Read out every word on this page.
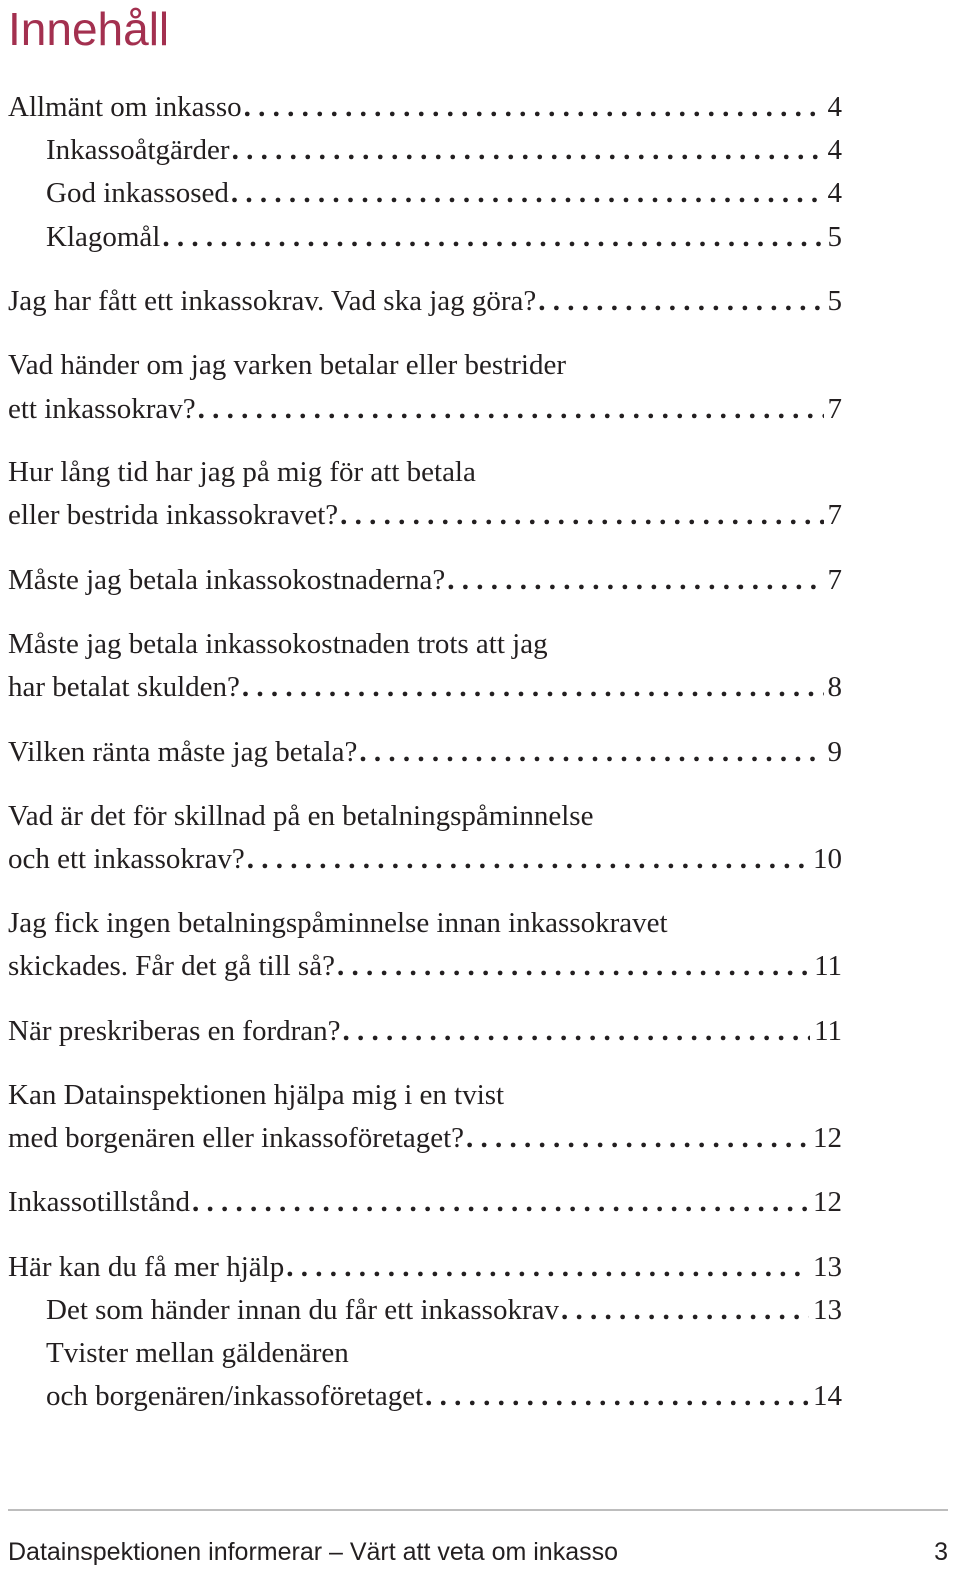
Innehåll
Allmänt om inkasso . . .	4
Inkassoåtgärder . . .	4
God inkassosed . . .	4
Klagomål . . .	5
Jag har fått ett inkassokrav. Vad ska jag göra? . . .	5
Vad händer om jag varken betalar eller bestrider
ett inkassokrav? . . .	7
Hur lång tid har jag på mig för att betala
eller bestrida inkassokravet? . . .	7
Måste jag betala inkassokostnaderna? . . .	7
Måste jag betala inkassokostnaden trots att jag
har betalat skulden? . . .	8
Vilken ränta måste jag betala? . . .	9
Vad är det för skillnad på en betalningspåminnelse
och ett inkassokrav? . . .	10
Jag fick ingen betalningspåminnelse innan inkassokravet
skickades. Får det gå till så? . . .	11
När preskriberas en fordran? . . .	11
Kan Datainspektionen hjälpa mig i en tvist
med borgenären eller inkassoföretaget? . . .	12
Inkassotillstånd . . .	12
Här kan du få mer hjälp . . .	13
Det som händer innan du får ett inkassokrav . . .	13
Tvister mellan gäldenären
och borgenären/inkassoföretaget . . .	14
Datainspektionen informerar – Värt att veta om inkasso	3
